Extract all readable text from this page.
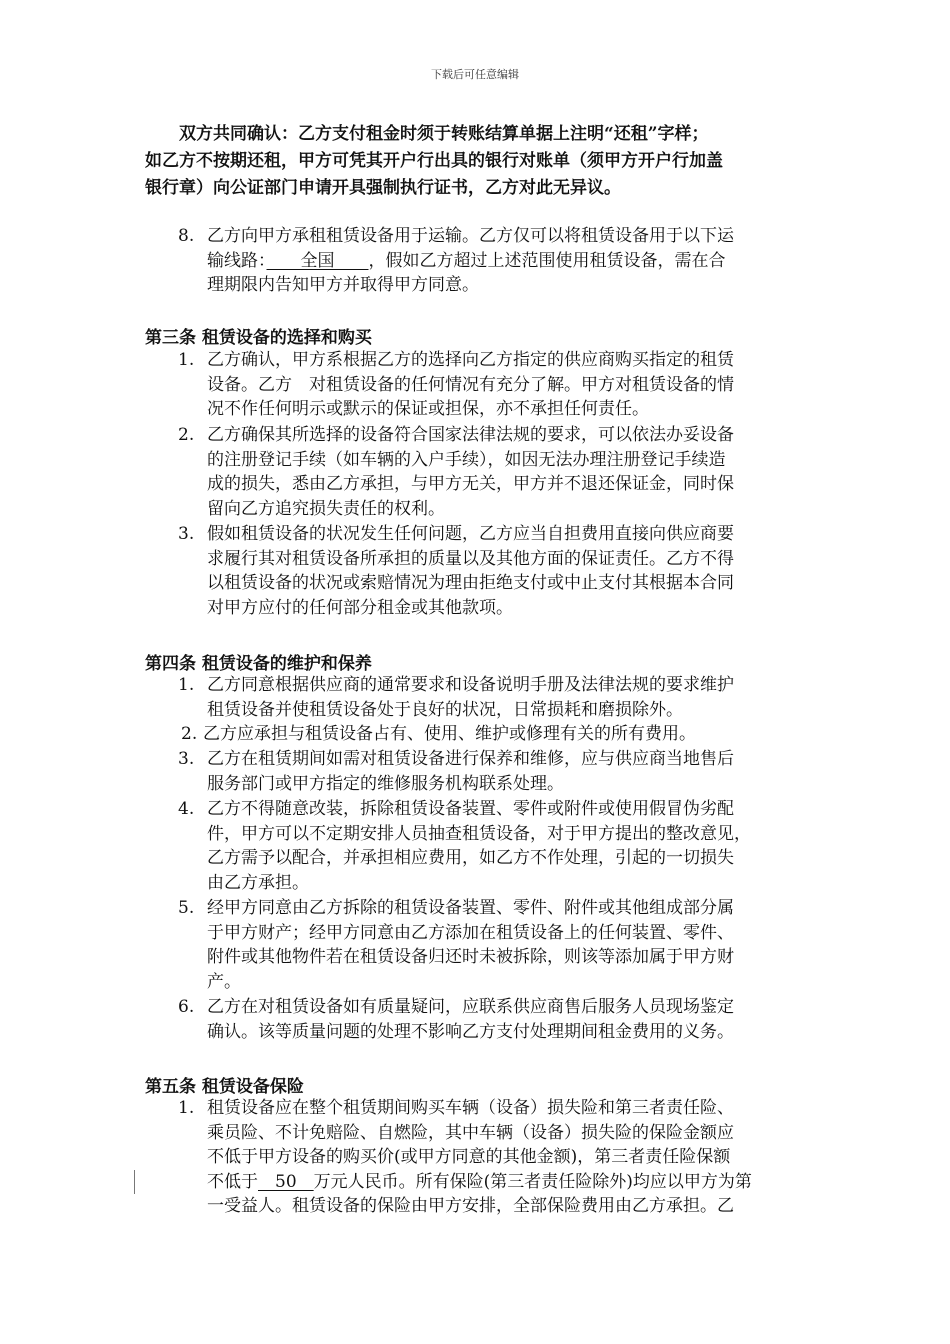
下载后可任意编辑
　　双方共同确认：乙方支付租金时须于转账结算单据上注明“还租”字样；
如乙方不按期还租，甲方可凭其开户行出具的银行对账单（须甲方开户行加盖
银行章）向公证部门申请开具强制执行证书，乙方对此无异议。
8. 乙方向甲方承租租赁设备用于运输。乙方仅可以将租赁设备用于以下运
输线路：　　全国　　，假如乙方超过上述范围使用租赁设备，需在合
理期限内告知甲方并取得甲方同意。
第三条 租赁设备的选择和购买
1. 乙方确认，甲方系根据乙方的选择向乙方指定的供应商购买指定的租赁
设备。乙方　对租赁设备的任何情况有充分了解。甲方对租赁设备的情
况不作任何明示或默示的保证或担保，亦不承担任何责任。
2. 乙方确保其所选择的设备符合国家法律法规的要求，可以依法办妥设备
的注册登记手续（如车辆的入户手续），如因无法办理注册登记手续造
成的损失，悉由乙方承担，与甲方无关，甲方并不退还保证金，同时保
留向乙方追究损失责任的权利。
3. 假如租赁设备的状况发生任何问题，乙方应当自担费用直接向供应商要
求履行其对租赁设备所承担的质量以及其他方面的保证责任。乙方不得
以租赁设备的状况或索赔情况为理由拒绝支付或中止支付其根据本合同
对甲方应付的任何部分租金或其他款项。
第四条 租赁设备的维护和保养
1. 乙方同意根据供应商的通常要求和设备说明手册及法律法规的要求维护
租赁设备并使租赁设备处于良好的状况，日常损耗和磨损除外。
2. 乙方应承担与租赁设备占有、使用、维护或修理有关的所有费用。
3. 乙方在租赁期间如需对租赁设备进行保养和维修，应与供应商当地售后
服务部门或甲方指定的维修服务机构联系处理。
4. 乙方不得随意改装，拆除租赁设备装置、零件或附件或使用假冒伪劣配
件，甲方可以不定期安排人员抽查租赁设备，对于甲方提出的整改意见，
乙方需予以配合，并承担相应费用，如乙方不作处理，引起的一切损失
由乙方承担。
5. 经甲方同意由乙方拆除的租赁设备装置、零件、附件或其他组成部分属
于甲方财产；经甲方同意由乙方添加在租赁设备上的任何装置、零件、
附件或其他物件若在租赁设备归还时未被拆除，则该等添加属于甲方财
产。
6. 乙方在对租赁设备如有质量疑问，应联系供应商售后服务人员现场鉴定
确认。该等质量问题的处理不影响乙方支付处理期间租金费用的义务。
第五条 租赁设备保险
1. 租赁设备应在整个租赁期间购买车辆（设备）损失险和第三者责任险、
乘员险、不计免赔险、自燃险，其中车辆（设备）损失险的保险金额应
不低于甲方设备的购买价(或甲方同意的其他金额)，第三者责任险保额
不低于　50　万元人民币。所有保险(第三者责任险除外)均应以甲方为第
一受益人。租赁设备的保险由甲方安排，全部保险费用由乙方承担。乙
